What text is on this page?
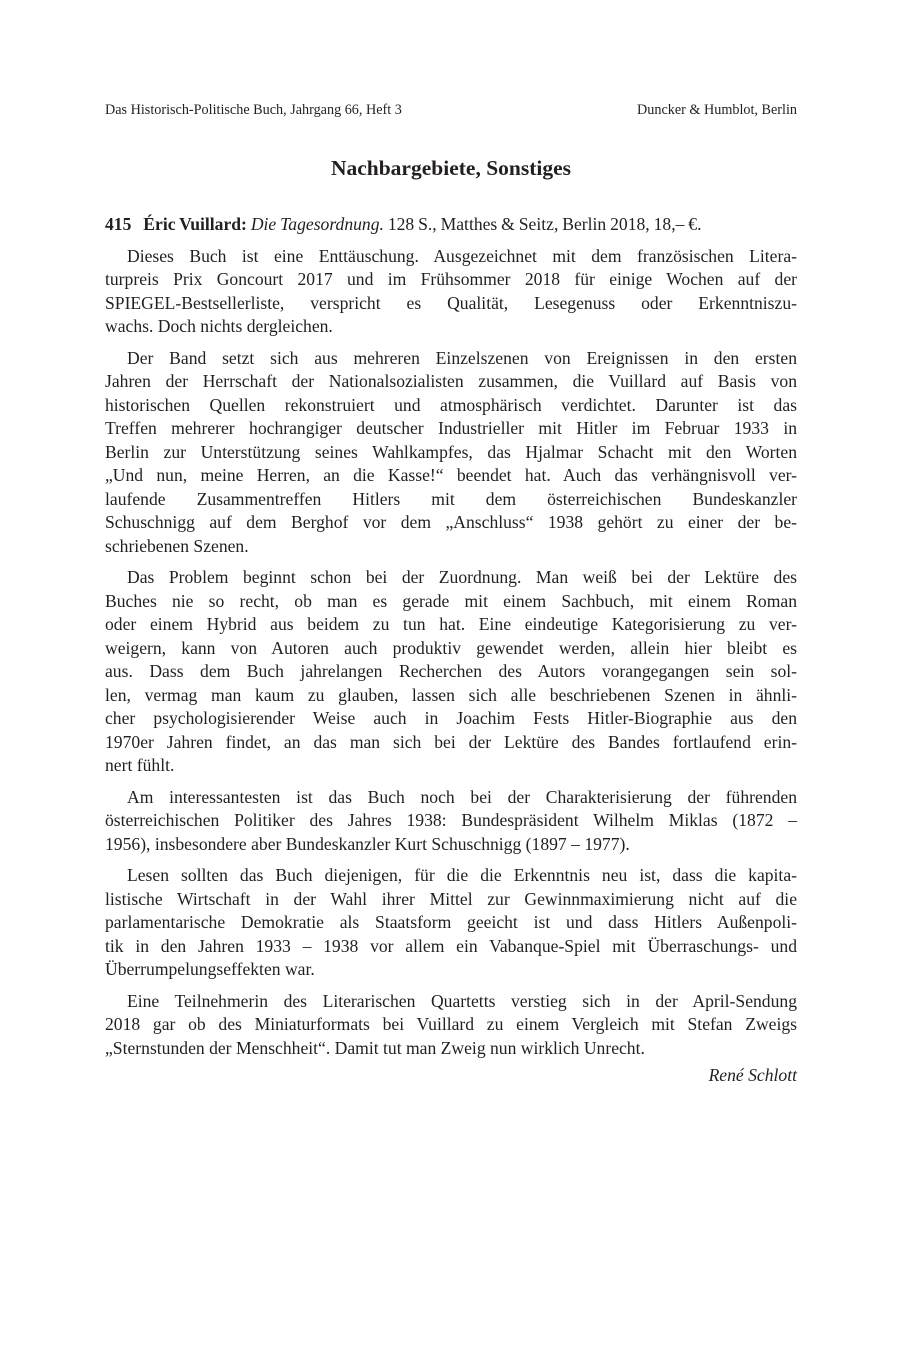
Das Historisch-Politische Buch, Jahrgang 66, Heft 3	Duncker & Humblot, Berlin
Nachbargebiete, Sonstiges
415 Éric Vuillard: Die Tagesordnung. 128 S., Matthes & Seitz, Berlin 2018, 18,– €.
Dieses Buch ist eine Enttäuschung. Ausgezeichnet mit dem französischen Litera-
turpreis Prix Goncourt 2017 und im Frühsommer 2018 für einige Wochen auf der
SPIEGEL-Bestsellerliste, verspricht es Qualität, Lesegenuss oder Erkenntniszu-
wachs. Doch nichts dergleichen.
Der Band setzt sich aus mehreren Einzelszenen von Ereignissen in den ersten
Jahren der Herrschaft der Nationalsozialisten zusammen, die Vuillard auf Basis von
historischen Quellen rekonstruiert und atmosphärisch verdichtet. Darunter ist das
Treffen mehrerer hochrangiger deutscher Industrieller mit Hitler im Februar 1933 in
Berlin zur Unterstützung seines Wahlkampfes, das Hjalmar Schacht mit den Worten
„Und nun, meine Herren, an die Kasse!“ beendet hat. Auch das verhängnisvoll ver-
laufende Zusammentreffen Hitlers mit dem österreichischen Bundeskanzler
Schuschnigg auf dem Berghof vor dem „Anschluss“ 1938 gehört zu einer der be-
schriebenen Szenen.
Das Problem beginnt schon bei der Zuordnung. Man weiß bei der Lektüre des
Buches nie so recht, ob man es gerade mit einem Sachbuch, mit einem Roman
oder einem Hybrid aus beidem zu tun hat. Eine eindeutige Kategorisierung zu ver-
weigern, kann von Autoren auch produktiv gewendet werden, allein hier bleibt es
aus. Dass dem Buch jahrelangen Recherchen des Autors vorangegangen sein sol-
len, vermag man kaum zu glauben, lassen sich alle beschriebenen Szenen in ähnli-
cher psychologisierender Weise auch in Joachim Fests Hitler-Biographie aus den
1970er Jahren findet, an das man sich bei der Lektüre des Bandes fortlaufend erin-
nert fühlt.
Am interessantesten ist das Buch noch bei der Charakterisierung der führenden
österreichischen Politiker des Jahres 1938: Bundespräsident Wilhelm Miklas (1872 –
1956), insbesondere aber Bundeskanzler Kurt Schuschnigg (1897 – 1977).
Lesen sollten das Buch diejenigen, für die die Erkenntnis neu ist, dass die kapita-
listische Wirtschaft in der Wahl ihrer Mittel zur Gewinnmaximierung nicht auf die
parlamentarische Demokratie als Staatsform geeicht ist und dass Hitlers Außenpoli-
tik in den Jahren 1933 – 1938 vor allem ein Vabanque-Spiel mit Überraschungs- und
Überrumpelungseffekten war.
Eine Teilnehmerin des Literarischen Quartetts verstieg sich in der April-Sendung
2018 gar ob des Miniaturformats bei Vuillard zu einem Vergleich mit Stefan Zweigs
„Sternstunden der Menschheit“. Damit tut man Zweig nun wirklich Unrecht.
René Schlott
